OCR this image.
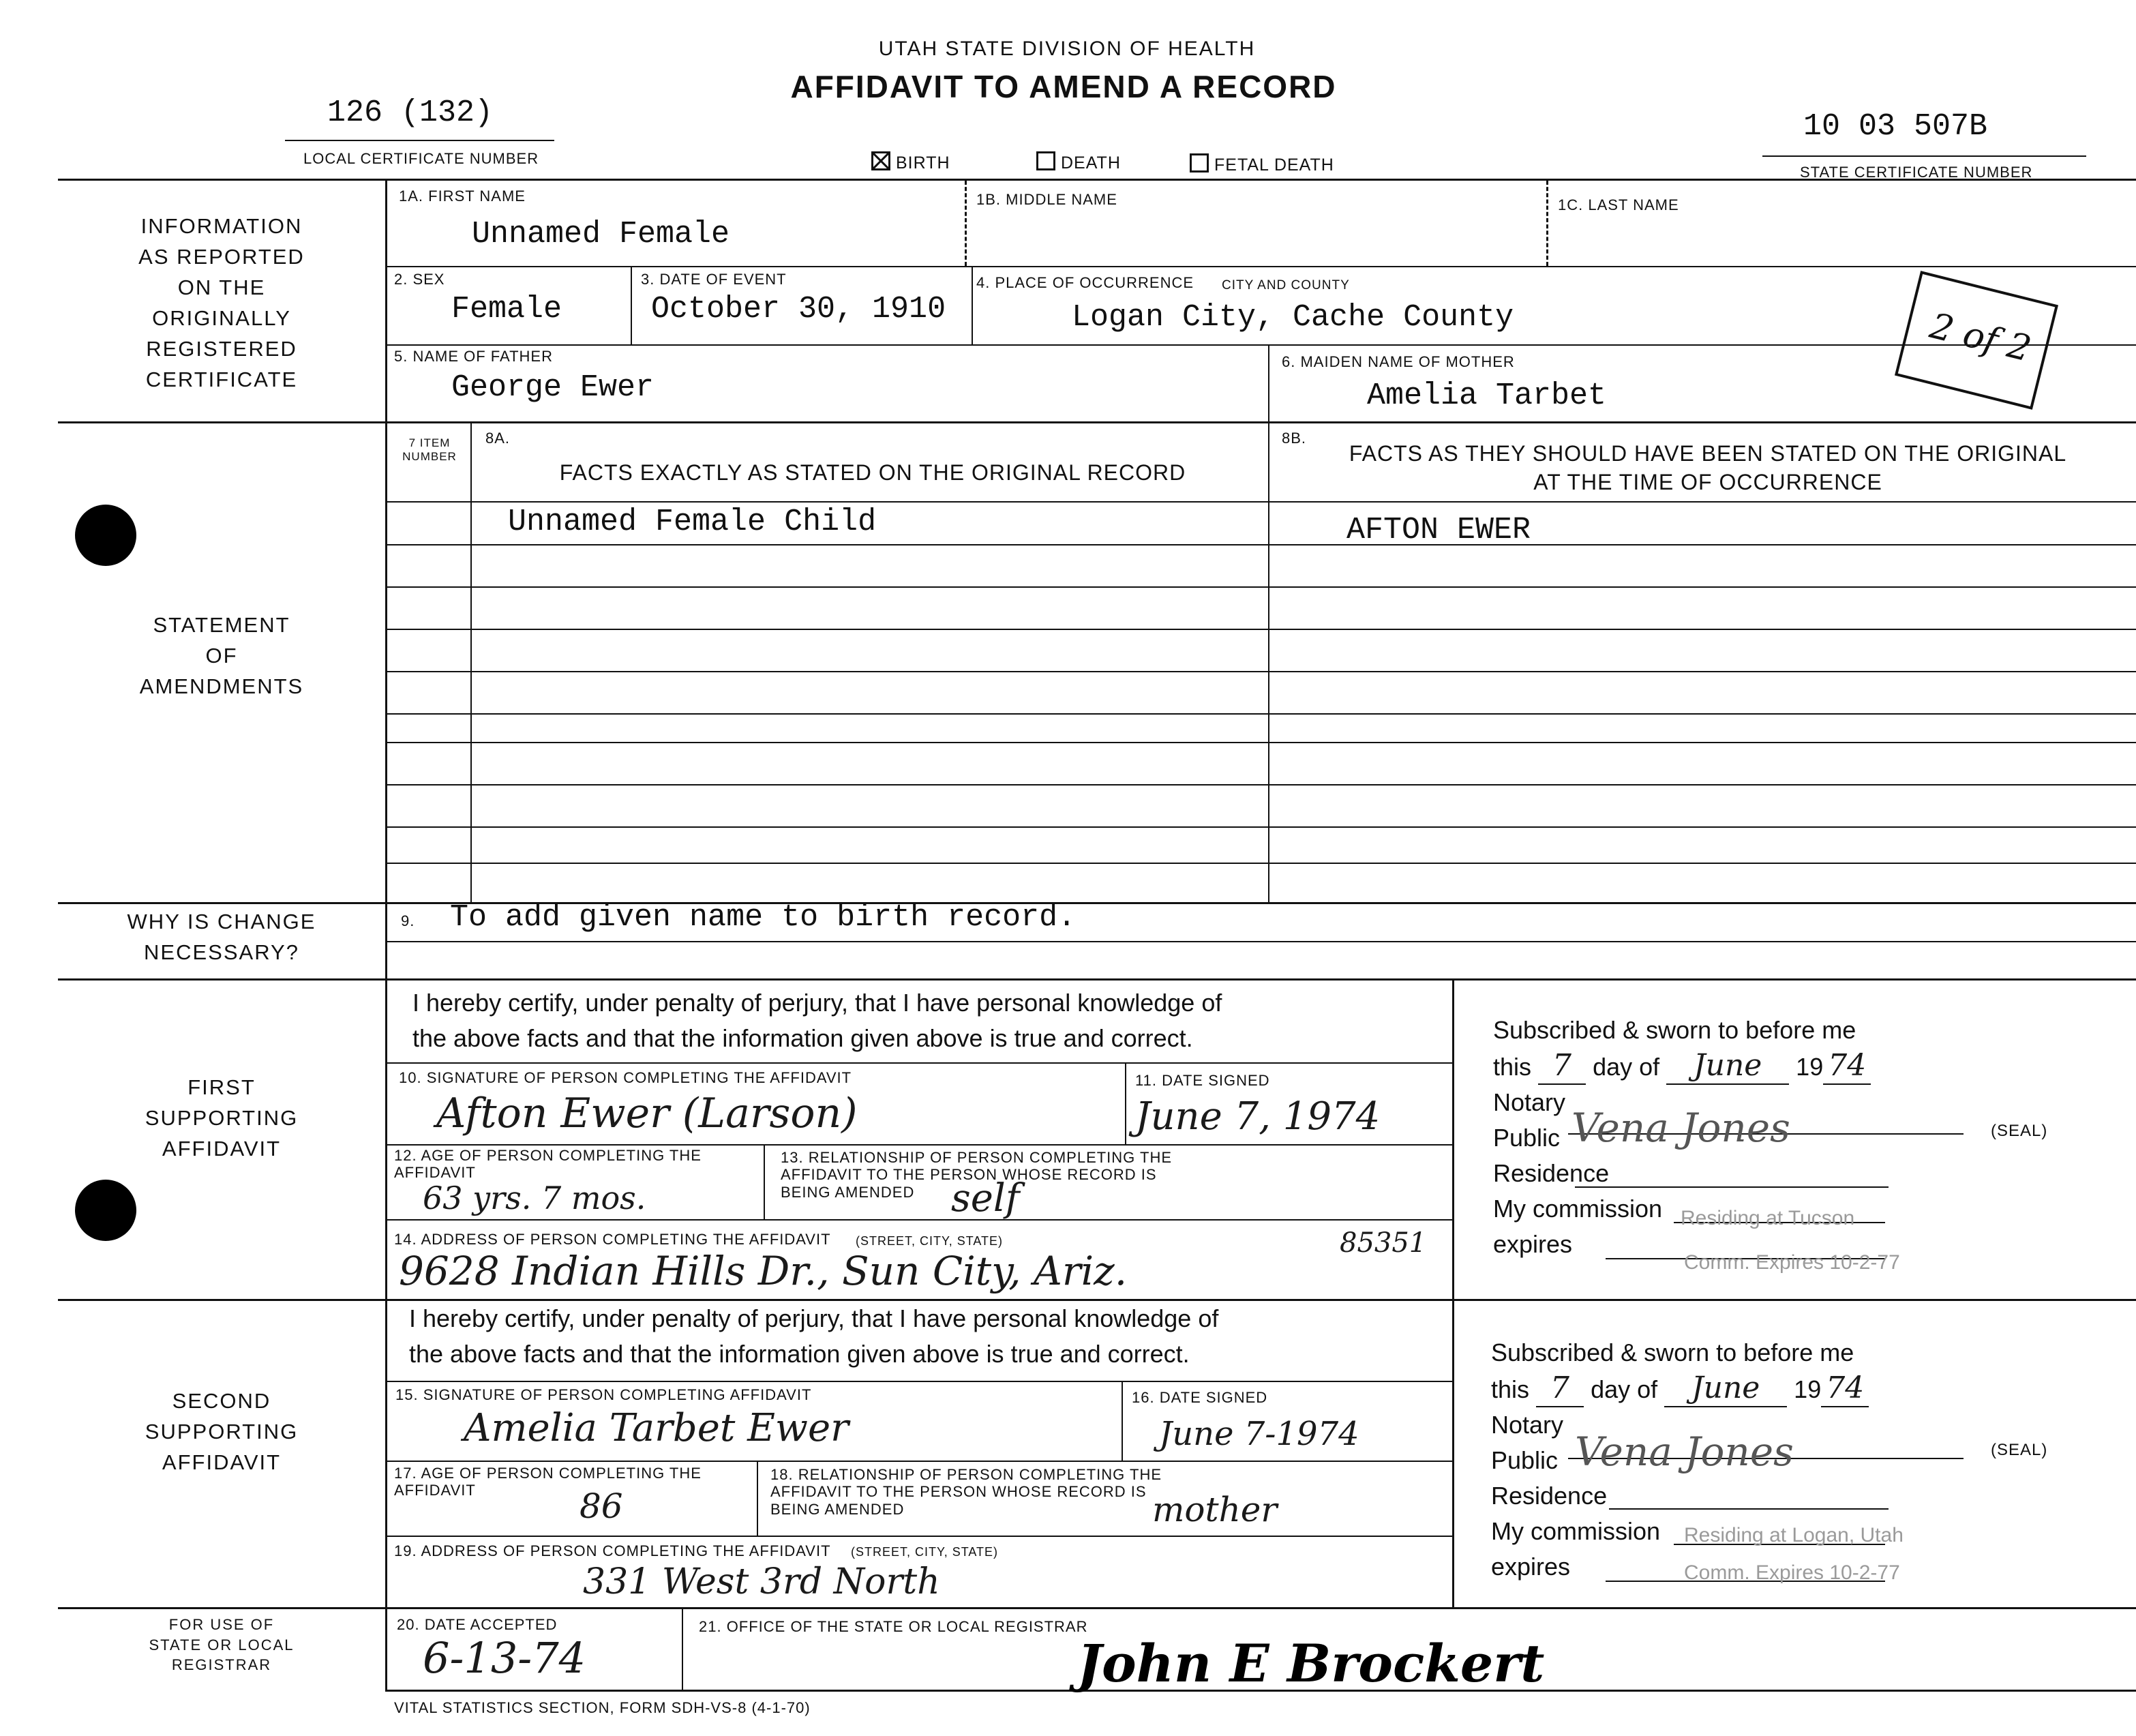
UTAH STATE DIVISION OF HEALTH
AFFIDAVIT TO AMEND A RECORD
126 (132)
LOCAL CERTIFICATE NUMBER
10 03 507B
STATE CERTIFICATE NUMBER
BIRTH	DEATH	FETAL DEATH
2 of 2
INFORMATION
AS REPORTED
ON THE
ORIGINALLY
REGISTERED
CERTIFICATE
STATEMENT
OF
AMENDMENTS
WHY IS CHANGE
NECESSARY?
FIRST
SUPPORTING
AFFIDAVIT
SECOND
SUPPORTING
AFFIDAVIT
FOR USE OF
STATE OR LOCAL
REGISTRAR
1A. FIRST NAME
Unnamed Female
1B. MIDDLE NAME	1C. LAST NAME
2. SEX
Female
3. DATE OF EVENT
October 30, 1910
4. PLACE OF OCCURRENCE CITY AND COUNTY
Logan City, Cache County
5. NAME OF FATHER
George Ewer
6. MAIDEN NAME OF MOTHER
Amelia Tarbet
7 ITEM NUMBER
8A.
FACTS EXACTLY AS STATED ON THE ORIGINAL RECORD
8B.
FACTS AS THEY SHOULD HAVE BEEN STATED ON THE ORIGINAL
AT THE TIME OF OCCURRENCE
Unnamed Female Child	AFTON EWER
9. To add given name to birth record.
I hereby certify, under penalty of perjury, that I have personal knowledge of
the above facts and that the information given above is true and correct.
10. SIGNATURE OF PERSON COMPLETING THE AFFIDAVIT
Afton Ewer (Larson)
11. DATE SIGNED
June 7, 1974
12. AGE OF PERSON COMPLETING THE AFFIDAVIT
63 yrs. 7 mos.
13. RELATIONSHIP OF PERSON COMPLETING THE AFFIDAVIT TO THE PERSON WHOSE RECORD IS BEING AMENDED self
14. ADDRESS OF PERSON COMPLETING THE AFFIDAVIT (STREET, CITY, STATE)
9628 Indian Hills Dr., Sun City, Ariz.
85351
Subscribed & sworn to before me
this 7 day of June 19 74
Notary
Public
Residence
My commission
expires
Vena Jones	(SEAL)
Residing at Tucson
Comm. Expires 10-2-77
I hereby certify, under penalty of perjury, that I have personal knowledge of
the above facts and that the information given above is true and correct.
15. SIGNATURE OF PERSON COMPLETING AFFIDAVIT
Amelia Tarbet Ewer
16. DATE SIGNED
June 7-1974
17. AGE OF PERSON COMPLETING THE AFFIDAVIT	86
18. RELATIONSHIP OF PERSON COMPLETING THE AFFIDAVIT TO THE PERSON WHOSE RECORD IS BEING AMENDED	mother
19. ADDRESS OF PERSON COMPLETING THE AFFIDAVIT (STREET, CITY, STATE)
331 West 3rd North
Subscribed & sworn to before me
this 7 day of June 19 74
Notary
Public
Residence
My commission
expires
Vena Jones	(SEAL)
Residing at Logan, Utah
Comm. Expires 10-2-77
20. DATE ACCEPTED
6-13-74
21. OFFICE OF THE STATE OR LOCAL REGISTRAR
John E Brockert
VITAL STATISTICS SECTION, FORM SDH-VS-8 (4-1-70)
